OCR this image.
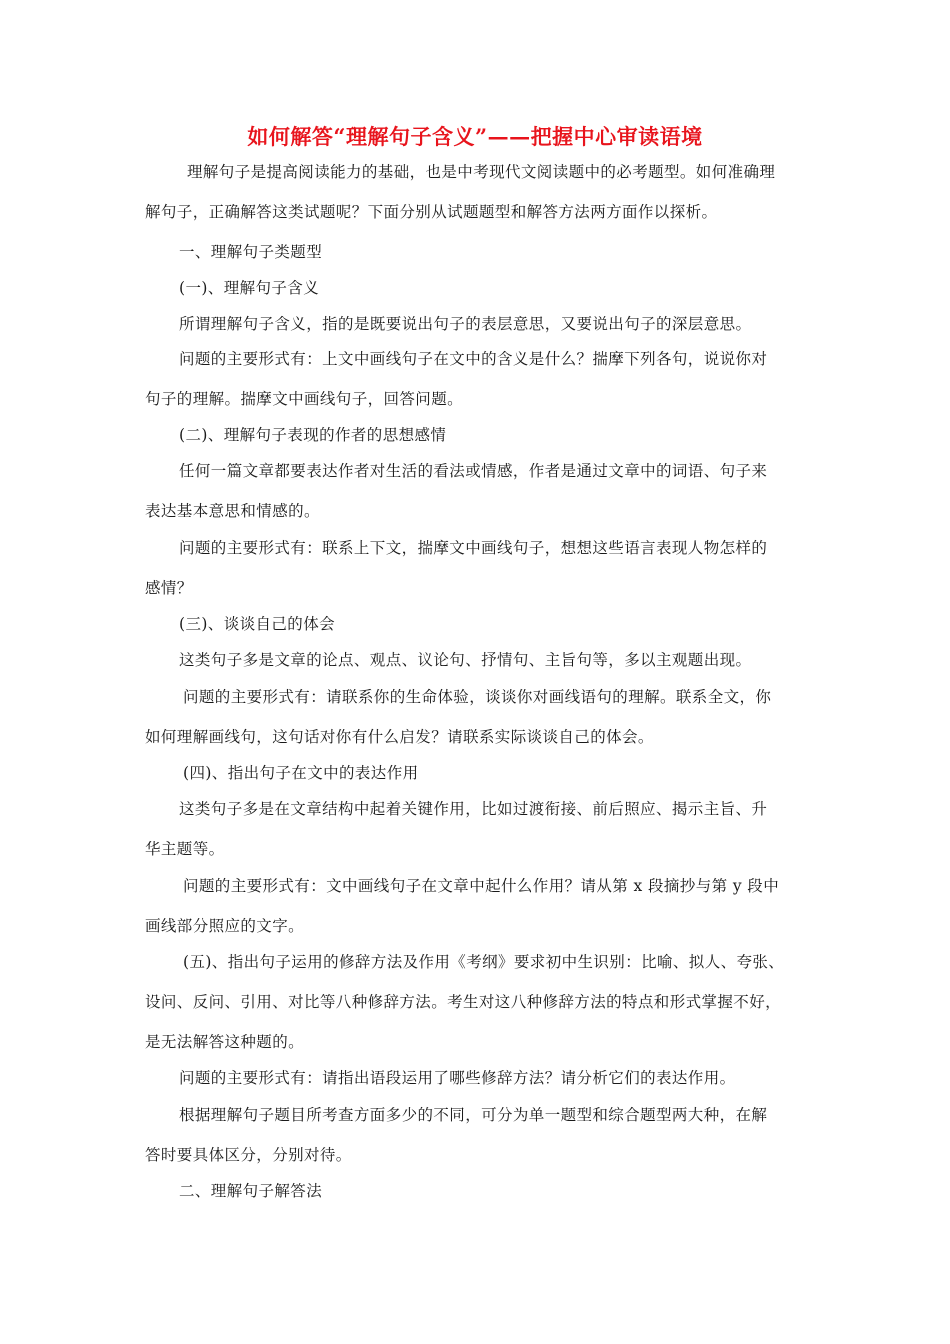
如何解答“理解句子含义”——把握中心审读语境
理解句子是提高阅读能力的基础，也是中考现代文阅读题中的必考题型。如何准确理
解句子，正确解答这类试题呢？下面分别从试题题型和解答方法两方面作以探析。
一、理解句子类题型
(一)、理解句子含义
所谓理解句子含义，指的是既要说出句子的表层意思，又要说出句子的深层意思。
问题的主要形式有：上文中画线句子在文中的含义是什么？揣摩下列各句，说说你对
句子的理解。揣摩文中画线句子，回答问题。
(二)、理解句子表现的作者的思想感情
任何一篇文章都要表达作者对生活的看法或情感，作者是通过文章中的词语、句子来
表达基本意思和情感的。
问题的主要形式有：联系上下文，揣摩文中画线句子，想想这些语言表现人物怎样的
感情？
(三)、谈谈自己的体会
这类句子多是文章的论点、观点、议论句、抒情句、主旨句等，多以主观题出现。
问题的主要形式有：请联系你的生命体验，谈谈你对画线语句的理解。联系全文，你
如何理解画线句，这句话对你有什么启发？请联系实际谈谈自己的体会。
(四)、指出句子在文中的表达作用
这类句子多是在文章结构中起着关键作用，比如过渡衔接、前后照应、揭示主旨、升
华主题等。
问题的主要形式有：文中画线句子在文章中起什么作用？请从第 x 段摘抄与第 y 段中
画线部分照应的文字。
(五)、指出句子运用的修辞方法及作用《考纲》要求初中生识别：比喻、拟人、夸张、
设问、反问、引用、对比等八种修辞方法。考生对这八种修辞方法的特点和形式掌握不好，
是无法解答这种题的。
问题的主要形式有：请指出语段运用了哪些修辞方法？请分析它们的表达作用。
根据理解句子题目所考查方面多少的不同，可分为单一题型和综合题型两大种，在解
答时要具体区分，分别对待。
二、理解句子解答法
